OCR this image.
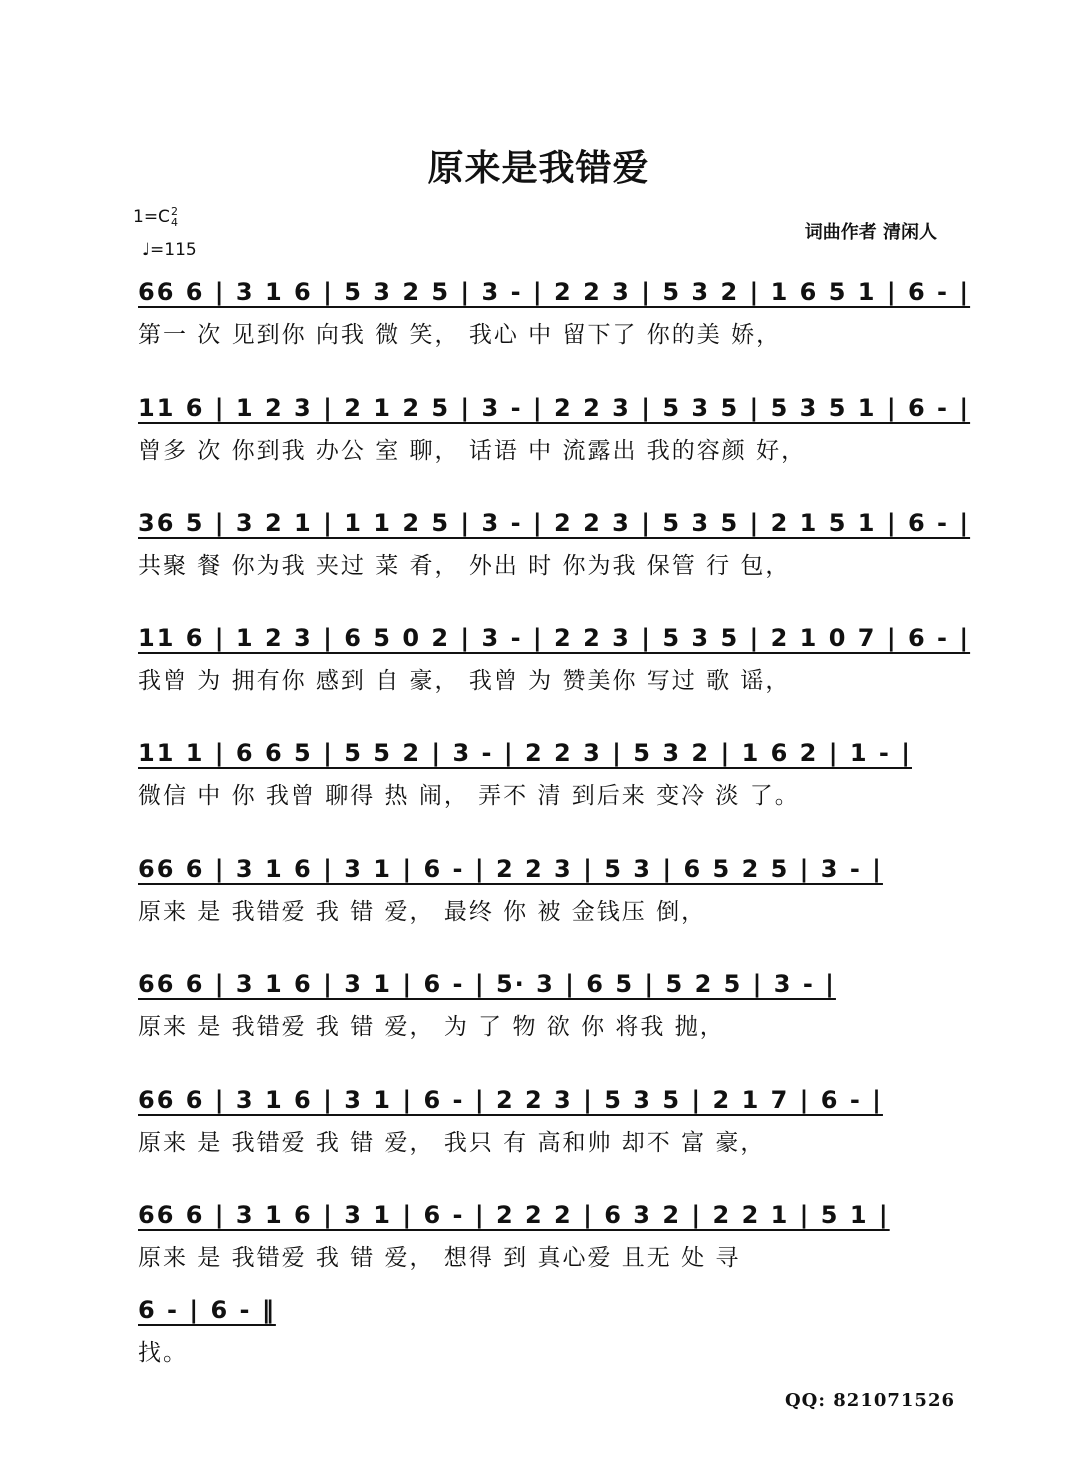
原来是我错爱
1=C 2
4
♩=115
词曲作者 清闲人
66 6 | 3 1 6 | 5 3 2 5 | 3 - | 2 2 3 | 5 3 2 | 1 6 5 1 | 6 - |
第一 次 见到你 向我 微 笑， 我心 中 留下了 你的美 娇，
11 6 | 1 2 3 | 2 1 2 5 | 3 - | 2 2 3 | 5 3 5 | 5 3 5 1 | 6 - |
曾多 次 你到我 办公 室 聊， 话语 中 流露出 我的容颜 好，
36 5 | 3 2 1 | 1 1 2 5 | 3 - | 2 2 3 | 5 3 5 | 2 1 5 1 | 6 - |
共聚 餐 你为我 夹过 菜 肴， 外出 时 你为我 保管 行 包，
11 6 | 1 2 3 | 6 5 0 2 | 3 - | 2 2 3 | 5 3 5 | 2 1 0 7 | 6 - |
我曾 为 拥有你 感到 自 豪， 我曾 为 赞美你 写过 歌 谣，
11 1 | 6 6 5 | 5 5 2 | 3 - | 2 2 3 | 5 3 2 | 1 6 2 | 1 - |
微信 中 你 我曾 聊得 热 闹， 弄不 清 到后来 变冷 淡 了。
66 6 | 3 1 6 | 3 1 | 6 - | 2 2 3 | 5 3 | 6 5 2 5 | 3 - |
原来 是 我错爱 我 错 爱， 最终 你 被 金钱压 倒，
66 6 | 3 1 6 | 3 1 | 6 - | 5· 3 | 6 5 | 5 2 5 | 3 - |
原来 是 我错爱 我 错 爱， 为 了 物 欲 你 将我 抛，
66 6 | 3 1 6 | 3 1 | 6 - | 2 2 3 | 5 3 5 | 2 1 7 | 6 - |
原来 是 我错爱 我 错 爱， 我只 有 高和帅 却不 富 豪，
66 6 | 3 1 6 | 3 1 | 6 - | 2 2 2 | 6 3 2 | 2 2 1 | 5 1 |
原来 是 我错爱 我 错 爱， 想得 到 真心爱 且无 处 寻
6 - | 6 - ‖
找。
QQ: 821071526
